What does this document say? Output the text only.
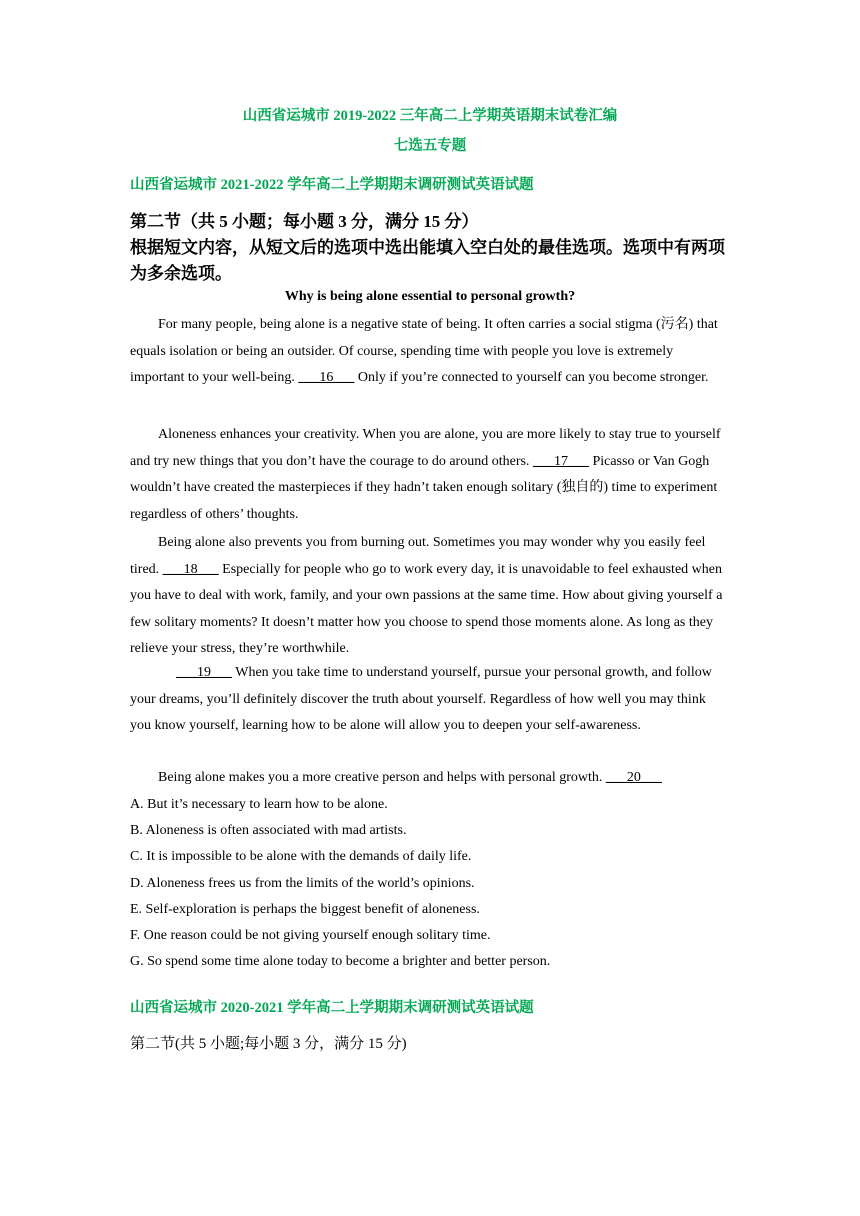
山西省运城市 2019-2022 三年高二上学期英语期末试卷汇编
七选五专题
山西省运城市 2021-2022 学年高二上学期期末调研测试英语试题
第二节（共 5 小题；每小题 3 分，满分 15 分）
根据短文内容，从短文后的选项中选出能填入空白处的最佳选项。选项中有两项为多余选项。
Why is being alone essential to personal growth?
For many people, being alone is a negative state of being. It often carries a social stigma (污名) that equals isolation or being an outsider. Of course, spending time with people you love is extremely important to your well-being. ___16___ Only if you’re connected to yourself can you become stronger.
Aloneness enhances your creativity. When you are alone, you are more likely to stay true to yourself and try new things that you don’t have the courage to do around others. ___17___ Picasso or Van Gogh wouldn’t have created the masterpieces if they hadn’t taken enough solitary (独自的) time to experiment regardless of others’ thoughts.
Being alone also prevents you from burning out. Sometimes you may wonder why you easily feel tired. ___18___ Especially for people who go to work every day, it is unavoidable to feel exhausted when you have to deal with work, family, and your own passions at the same time. How about giving yourself a few solitary moments? It doesn’t matter how you choose to spend those moments alone. As long as they relieve your stress, they’re worthwhile.
___19___ When you take time to understand yourself, pursue your personal growth, and follow your dreams, you’ll definitely discover the truth about yourself. Regardless of how well you may think you know yourself, learning how to be alone will allow you to deepen your self-awareness.
Being alone makes you a more creative person and helps with personal growth. ___20___
A. But it’s necessary to learn how to be alone.
B. Aloneness is often associated with mad artists.
C. It is impossible to be alone with the demands of daily life.
D. Aloneness frees us from the limits of the world’s opinions.
E. Self-exploration is perhaps the biggest benefit of aloneness.
F. One reason could be not giving yourself enough solitary time.
G. So spend some time alone today to become a brighter and better person.
山西省运城市 2020-2021 学年高二上学期期末调研测试英语试题
第二节(共 5 小题;每小题 3 分，满分 15 分)
